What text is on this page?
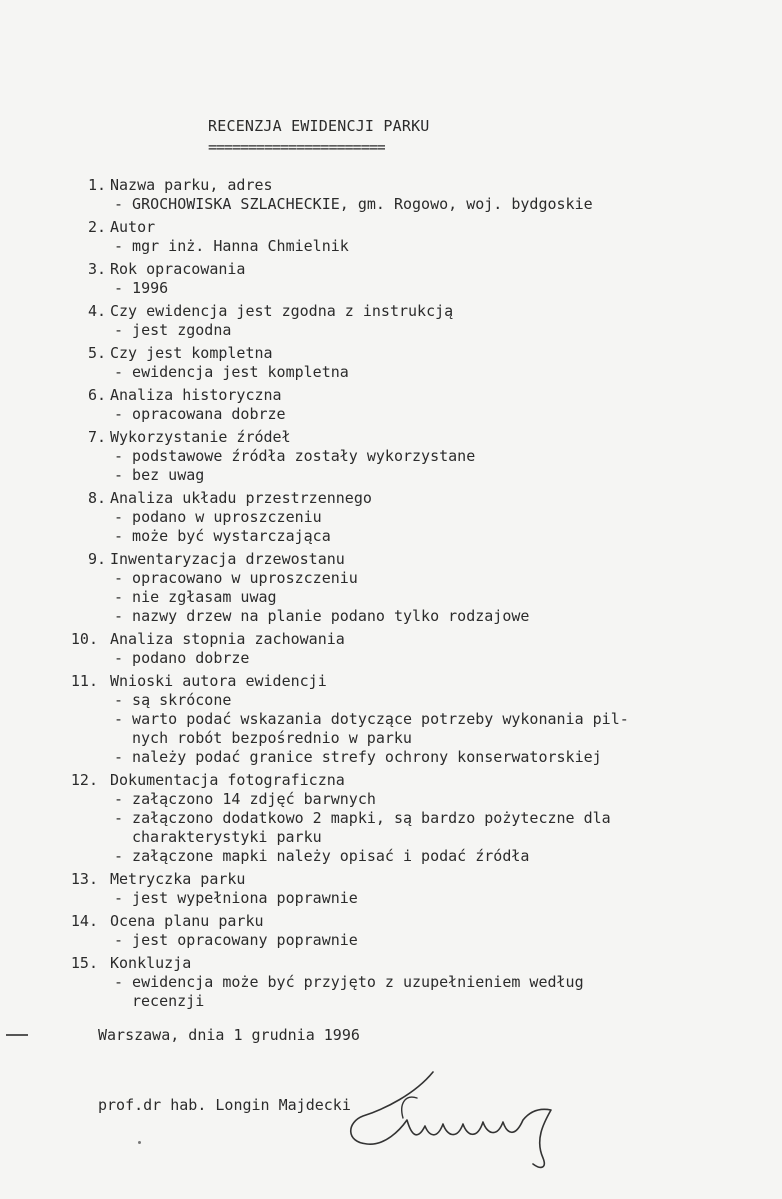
RECENZJA EWIDENCJI PARKU
======================
1. Nazwa parku, adres
- GROCHOWISKA SZLACHECKIE, gm. Rogowo, woj. bydgoskie
2. Autor
- mgr inż. Hanna Chmielnik
3. Rok opracowania
- 1996
4. Czy ewidencja jest zgodna z instrukcją
- jest zgodna
5. Czy jest kompletna
- ewidencja jest kompletna
6. Analiza historyczna
- opracowana dobrze
7. Wykorzystanie źródeł
- podstawowe źródła zostały wykorzystane
- bez uwag
8. Analiza układu przestrzennego
- podano w uproszczeniu
- może być wystarczająca
9. Inwentaryzacja drzewostanu
- opracowano w uproszczeniu
- nie zgłasam uwag
- nazwy drzew na planie podano tylko rodzajowe
10. Analiza stopnia zachowania
- podano dobrze
11. Wnioski autora ewidencji
- są skrócone
- warto podać wskazania dotyczące potrzeby wykonania pil-
nych robót bezpośrednio w parku
- należy podać granice strefy ochrony konserwatorskiej
12. Dokumentacja fotograficzna
- załączono 14 zdjęć barwnych
- załączono dodatkowo 2 mapki, są bardzo pożyteczne dla
charakterystyki parku
- załączone mapki należy opisać i podać źródła
13. Metryczka parku
- jest wypełniona poprawnie
14. Ocena planu parku
- jest opracowany poprawnie
15. Konkluzja
- ewidencja może być przyjęto z uzupełnieniem według
recenzji
Warszawa, dnia 1 grudnia 1996
prof.dr hab. Longin Majdecki
